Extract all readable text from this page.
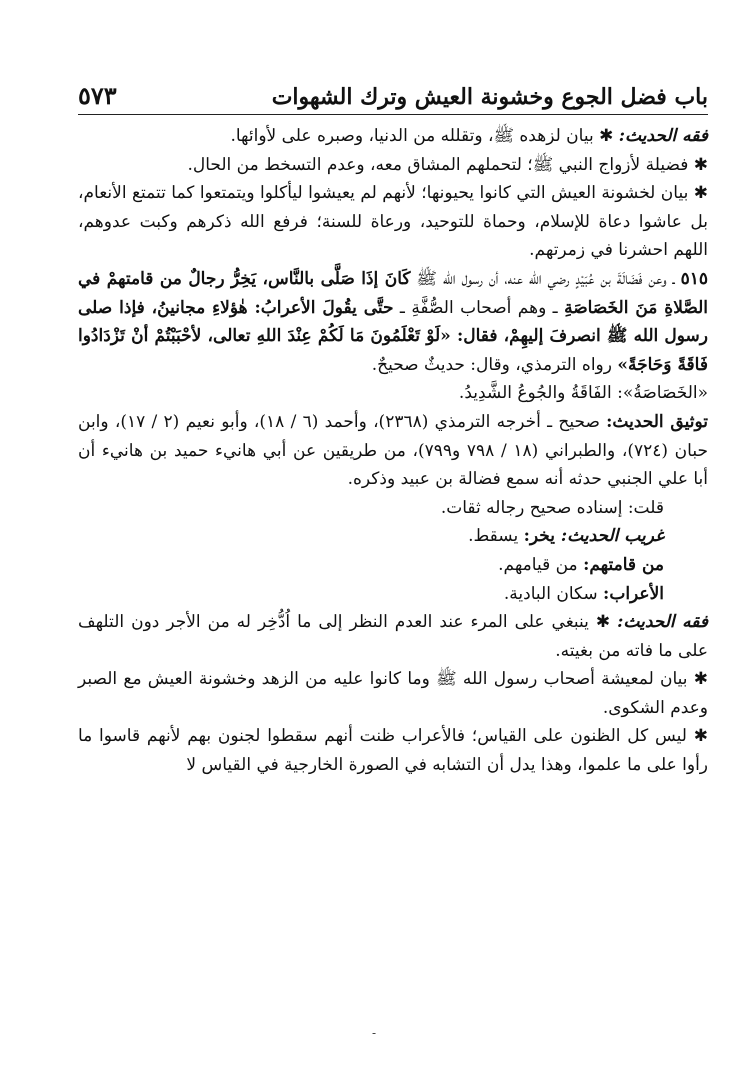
باب فضل الجوع وخشونة العيش وترك الشهوات
٥٧٣

فقه الحديث: ✱ بيان لزهده ﷺ، وتقلله من الدنيا، وصبره على لأوائها.

✱ فضيلة لأزواج النبي ﷺ؛ لتحملهم المشاق معه، وعدم التسخط من الحال.

✱ بيان لخشونة العيش التي كانوا يحيونها؛ لأنهم لم يعيشوا ليأكلوا ويتمتعوا كما تتمتع الأنعام، بل عاشوا دعاة للإسلام، وحماة للتوحيد، ورعاة للسنة؛ فرفع الله ذكرهم وكبت عدوهم، اللهم احشرنا في زمرتهم.

٥١٥ ـ وعن فَضَالَةَ بن عُبَيْدٍ رضي الله عنه، أن رسول الله ﷺ كَانَ إذَا صَلَّى بالنَّاس، يَخِرُّ رجالٌ من قامتهمْ في الصَّلاةِ مَنَ الخَصَاصَةِ ـ وهم أصحاب الصُّفَّةِ ـ حتَّى يقُولَ الأعرابُ: هٰؤلاءِ مجانينُ، فإذا صلى رسول الله ﷺ انصرفَ إليهِمْ، فقال: «لَوْ تَعْلَمُونَ مَا لَكُمْ عِنْدَ اللهِ تعالى، لأحْبَبْتُمْ أنْ تَزْدَادُوا فَاقَةً وَحَاجَةً» رواه الترمذي، وقال: حديثٌ صحيحٌ.

«الخَصَاصَةُ»: الفَاقَةُ والجُوعُ الشَّدِيدُ.

توثيق الحديث: صحيح ـ أخرجه الترمذي (٢٣٦٨)، وأحمد (٦ / ١٨)، وأبو نعيم (٢ / ١٧)، وابن حبان (٧٢٤)، والطبراني (١٨ / ٧٩٨ و٧٩٩)، من طريقين عن أبي هانيء حميد بن هانيء أن أبا علي الجنبي حدثه أنه سمع فضالة بن عبيد وذكره.

قلت: إسناده صحيح رجاله ثقات.

غريب الحديث: يخر: يسقط.

من قامتهم: من قيامهم.

الأعراب: سكان البادية.

فقه الحديث: ✱ ينبغي على المرء عند العدم النظر إلى ما اُدُّخِر له من الأجر دون التلهف على ما فاته من بغيته.

✱ بيان لمعيشة أصحاب رسول الله ﷺ وما كانوا عليه من الزهد وخشونة العيش مع الصبر وعدم الشكوى.

✱ ليس كل الظنون على القياس؛ فالأعراب ظنت أنهم سقطوا لجنون بهم لأنهم قاسوا ما رأوا على ما علموا، وهذا يدل أن التشابه في الصورة الخارجية في القياس لا

-
